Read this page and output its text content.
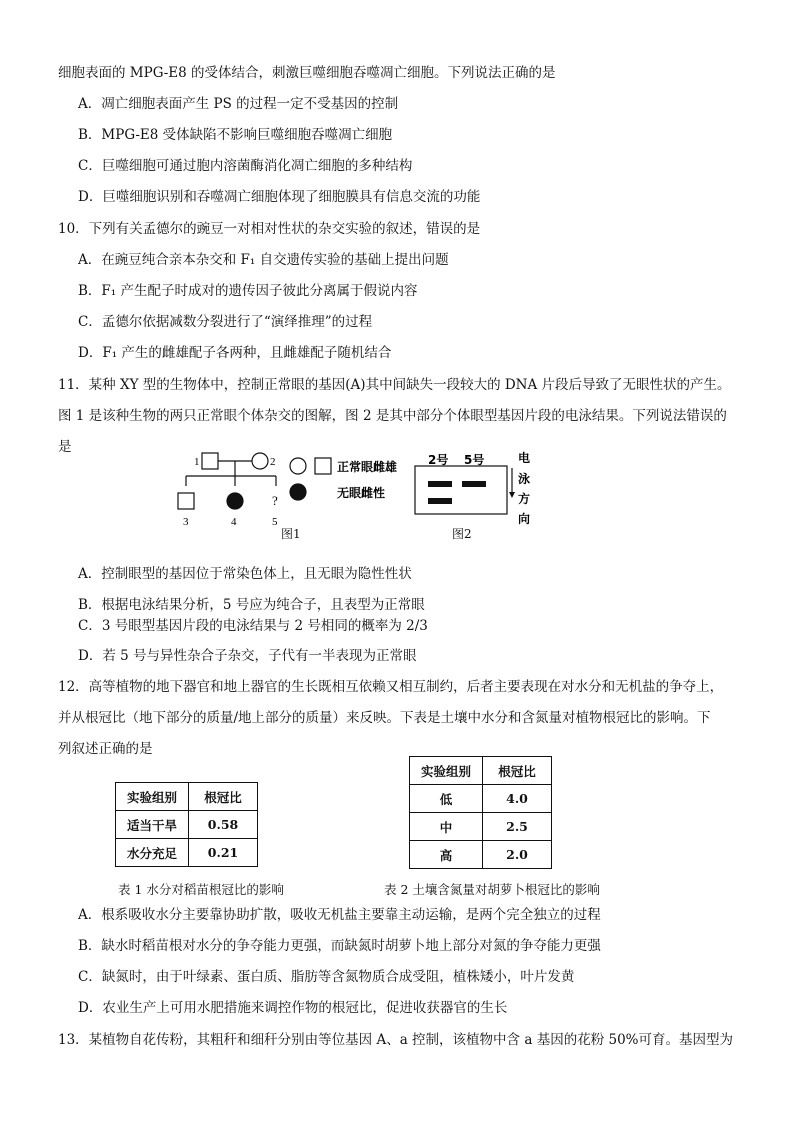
细胞表面的 MPG-E8 的受体结合，刺激巨噬细胞吞噬凋亡细胞。下列说法正确的是
A．凋亡细胞表面产生 PS 的过程一定不受基因的控制
B．MPG-E8 受体缺陷不影响巨噬细胞吞噬凋亡细胞
C．巨噬细胞可通过胞内溶菌酶消化凋亡细胞的多种结构
D．巨噬细胞识别和吞噬凋亡细胞体现了细胞膜具有信息交流的功能
10．下列有关孟德尔的豌豆一对相对性状的杂交实验的叙述，错误的是
A．在豌豆纯合亲本杂交和 F₁ 自交遗传实验的基础上提出问题
B．F₁ 产生配子时成对的遗传因子彼此分离属于假说内容
C．孟德尔依据减数分裂进行了“演绎推理”的过程
D．F₁ 产生的雌雄配子各两种，且雌雄配子随机结合
11．某种 XY 型的生物体中，控制正常眼的基因(A)其中间缺失一段较大的 DNA 片段后导致了无眼性状的产生。
图 1 是该种生物的两只正常眼个体杂交的图解，图 2 是其中部分个体眼型基因片段的电泳结果。下列说法错误的
是
?
1	2
3	4	5
正常眼雌雄
无眼雌性
图1
2号 5号	电
泳
方
向
图2
A．控制眼型的基因位于常染色体上，且无眼为隐性性状
B．根据电泳结果分析，5 号应为纯合子，且表型为正常眼
C．3 号眼型基因片段的电泳结果与 2 号相同的概率为 2/3
D．若 5 号与异性杂合子杂交，子代有一半表现为正常眼
12．高等植物的地下器官和地上器官的生长既相互依赖又相互制约，后者主要表现在对水分和无机盐的争夺上，
并从根冠比（地下部分的质量/地上部分的质量）来反映。下表是土壤中水分和含氮量对植物根冠比的影响。下
列叙述正确的是
实验组别	根冠比
适当干旱	0.58
水分充足	0.21
表 1 水分对稻苗根冠比的影响
实验组别	根冠比
低	4.0
中	2.5
高	2.0
表 2 土壤含氮量对胡萝卜根冠比的影响
A．根系吸收水分主要靠协助扩散，吸收无机盐主要靠主动运输，是两个完全独立的过程
B．缺水时稻苗根对水分的争夺能力更强，而缺氮时胡萝卜地上部分对氮的争夺能力更强
C．缺氮时，由于叶绿素、蛋白质、脂肪等含氮物质合成受阻，植株矮小，叶片发黄
D．农业生产上可用水肥措施来调控作物的根冠比，促进收获器官的生长
13．某植物自花传粉，其粗秆和细秆分别由等位基因 A、a 控制，该植物中含 a 基因的花粉 50%可育。基因型为
